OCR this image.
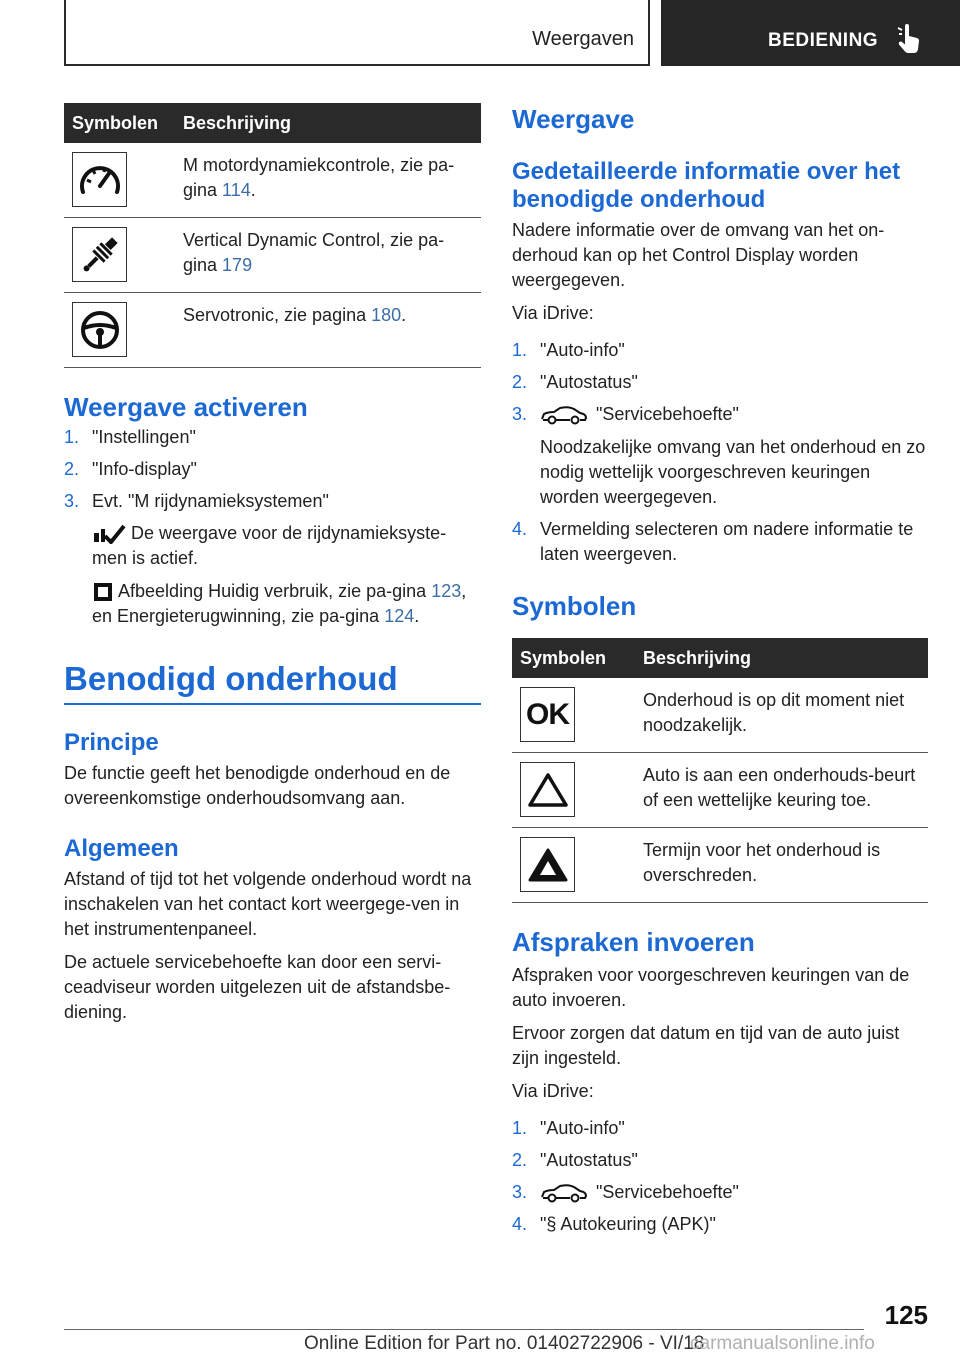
Weergaven	BEDIENING
Symbolen	Beschrijving

	M motordynamiekcontrole, zie pa-gina 114.

	Vertical Dynamic Control, zie pa-gina 179

	Servotronic, zie pagina 180.
Weergave activeren
1. "Instellingen"
2. "Info-display"
3. Evt. "M rijdynamieksystemen"

De weergave voor de rijdynamieksyste-men is actief.

Afbeelding Huidig verbruik, zie pa-gina 123, en Energieterugwinning, zie pa-gina 124.

Benodigd onderhoud
Principe

De functie geeft het benodigde onderhoud en de overeenkomstige onderhoudsomvang aan.

Algemeen

Afstand of tijd tot het volgende onderhoud wordt na inschakelen van het contact kort weergege-ven in het instrumentenpaneel.

De actuele servicebehoefte kan door een servi-ceadviseur worden uitgelezen uit de afstandsbe-diening.

Weergave
Gedetailleerde informatie over het benodigde onderhoud

Nadere informatie over de omvang van het on-derhoud kan op het Control Display worden weergegeven.

Via iDrive:

1. "Auto-info"
2. "Autostatus"
3.	"Servicebehoefte"
Noodzakelijke omvang van het onderhoud en zo nodig wettelijk voorgeschreven keuringen worden weergegeven.
4. Vermelding selecteren om nadere informatie te laten weergeven.
Symbolen
Symbolen	Beschrijving

OK	Onderhoud is op dit moment niet noodzakelijk.

	Auto is aan een onderhouds-beurt of een wettelijke keuring toe.

	Termijn voor het onderhoud is overschreden.
Afspraken invoeren

Afspraken voor voorgeschreven keuringen van de auto invoeren.

Ervoor zorgen dat datum en tijd van de auto juist zijn ingesteld.

Via iDrive:

1. "Auto-info"
2. "Autostatus"
3.	"Servicebehoefte"
4. "§ Autokeuring (APK)"
125
Online Edition for Part no. 01402722906 - VI/18
carmanualsonline.info
